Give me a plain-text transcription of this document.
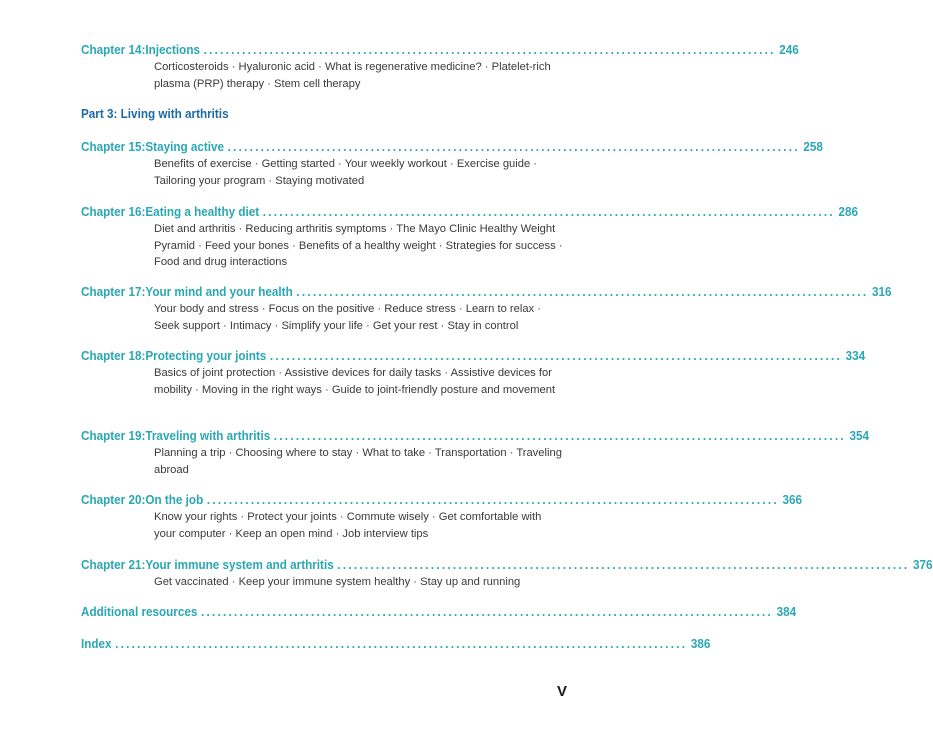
Chapter 14: Injections ........................................................................................................ 246
Corticosteroids · Hyaluronic acid · What is regenerative medicine? · Platelet-rich plasma (PRP) therapy · Stem cell therapy
Part 3: Living with arthritis
Chapter 15: Staying active ........................................................................................................ 258
Benefits of exercise · Getting started · Your weekly workout · Exercise guide · Tailoring your program · Staying motivated
Chapter 16: Eating a healthy diet ........................................................................................................ 286
Diet and arthritis · Reducing arthritis symptoms · The Mayo Clinic Healthy Weight Pyramid · Feed your bones · Benefits of a healthy weight · Strategies for success · Food and drug interactions
Chapter 17: Your mind and your health ........................................................................................................ 316
Your body and stress · Focus on the positive · Reduce stress · Learn to relax · Seek support · Intimacy · Simplify your life · Get your rest · Stay in control
Chapter 18: Protecting your joints ........................................................................................................ 334
Basics of joint protection · Assistive devices for daily tasks · Assistive devices for mobility · Moving in the right ways · Guide to joint-friendly posture and movement
Chapter 19: Traveling with arthritis ........................................................................................................ 354
Planning a trip · Choosing where to stay · What to take · Transportation · Traveling abroad
Chapter 20: On the job ........................................................................................................ 366
Know your rights · Protect your joints · Commute wisely · Get comfortable with your computer · Keep an open mind · Job interview tips
Chapter 21: Your immune system and arthritis ........................................................................................................ 376
Get vaccinated · Keep your immune system healthy · Stay up and running
Additional resources ........................................................................................................ 384
Index ........................................................................................................ 386
V
